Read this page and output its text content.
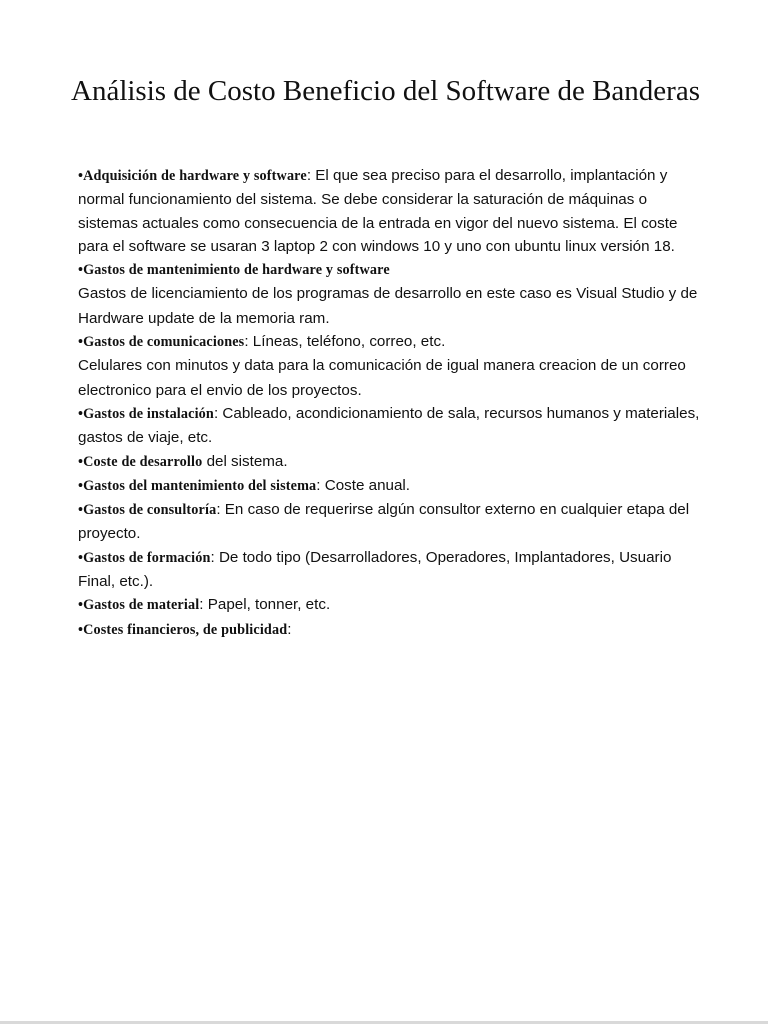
Análisis de Costo Beneficio del Software de Banderas

•Adquisición de hardware y software: El que sea preciso para el desarrollo, implantación y normal funcionamiento del sistema. Se debe considerar la saturación de máquinas o sistemas actuales como consecuencia de la entrada en vigor del nuevo sistema. El coste para el software se usaran 3 laptop 2 con windows 10 y uno con ubuntu linux versión 18.

•Gastos de mantenimiento de hardware y software

Gastos de licenciamiento de los programas de desarrollo en este caso es Visual Studio y de Hardware update de la memoria ram.

•Gastos de comunicaciones: Líneas, teléfono, correo, etc.

Celulares con minutos y data para la comunicación de igual manera creacion de un correo electronico para el envio de los proyectos.

•Gastos de instalación: Cableado, acondicionamiento de sala, recursos humanos y materiales, gastos de viaje, etc.

•Coste de desarrollo del sistema.

•Gastos del mantenimiento del sistema: Coste anual.

•Gastos de consultoría: En caso de requerirse algún consultor externo en cualquier etapa del proyecto.

•Gastos de formación: De todo tipo (Desarrolladores, Operadores, Implantadores, Usuario Final, etc.).

•Gastos de material: Papel, tonner, etc.

•Costes financieros, de publicidad:
